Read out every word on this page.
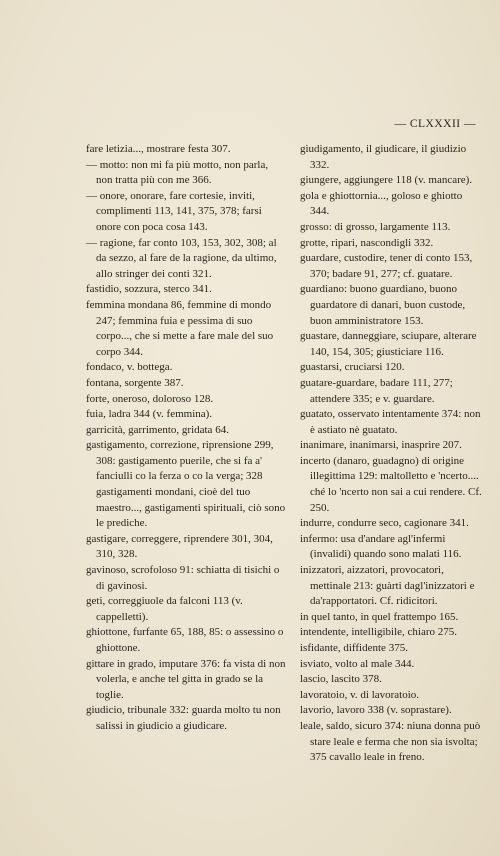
— CLXXXII —

fare letizia..., mostrare festa 307.

— motto: non mi fa più motto, non parla, non tratta più con me 366.

— onore, onorare, fare cortesie, inviti, complimenti 113, 141, 375, 378; farsi onore con poca cosa 143.

— ragione, far conto 103, 153, 302, 308; al da sezzo, al fare de la ragione, da ultimo, allo stringer dei conti 321.

fastidio, sozzura, sterco 341.

femmina mondana 86, femmine di mondo 247; femmina fuia e pessima di suo corpo..., che si mette a fare male del suo corpo 344.

fondaco, v. bottega.

fontana, sorgente 387.

forte, oneroso, doloroso 128.

fuia, ladra 344 (v. femmina).

garricità, garrimento, gridata 64.

gastigamento, correzione, riprensione 299, 308: gastigamento puerile, che si fa a' fanciulli co la ferza o co la verga; 328 gastigamenti mondani, cioè del tuo maestro..., gastigamenti spirituali, ciò sono le prediche.

gastigare, correggere, riprendere 301, 304, 310, 328.

gavinoso, scrofoloso 91: schiatta di tisichi o di gavinosi.

geti, correggiuole da falconi 113 (v. cappelletti).

ghiottone, furfante 65, 188, 85: o assessino o ghiottone.

gittare in grado, imputare 376: fa vista di non volerla, e anche tel gitta in grado se la toglie.

giudicio, tribunale 332: guarda molto tu non salissi in giudicio a giudicare.

giudigamento, il giudicare, il giudizio 332.

giungere, aggiungere 118 (v. mancare).

gola e ghiottornia..., goloso e ghiotto 344.

grosso: di grosso, largamente 113.

grotte, ripari, nascondigli 332.

guardare, custodire, tener di conto 153, 370; badare 91, 277; cf. guatare.

guardiano: buono guardiano, buono guardatore di danari, buon custode, buon amministratore 153.

guastare, danneggiare, sciupare, alterare 140, 154, 305; giusticiare 116.

guastarsi, cruciarsi 120.

guatare-guardare, badare 111, 277; attendere 335; e v. guardare.

guatato, osservato intentamente 374: non è astiato nè guatato.

inanimare, inanimarsi, inasprire 207.

incerto (danaro, guadagno) di origine illegittima 129: maltolletto e 'ncerto.... ché lo 'ncerto non sai a cui rendere. Cf. 250.

indurre, condurre seco, cagionare 341.

infermo: usa d'andare agl'infermi (invalidi) quando sono malati 116.

inizzatori, aizzatori, provocatori, mettinale 213: guàrti dagl'inizzatori e da'rapportatori. Cf. ridicitori.

in quel tanto, in quel frattempo 165.

intendente, intelligibile, chiaro 275.

isfidante, diffidente 375.

isviato, volto al male 344.

lascio, lascito 378.

lavoratoio, v. di lavoratoio.

lavorio, lavoro 338 (v. soprastare).

leale, saldo, sicuro 374: niuna donna può stare leale e ferma che non sia isvolta; 375 cavallo leale in freno.
